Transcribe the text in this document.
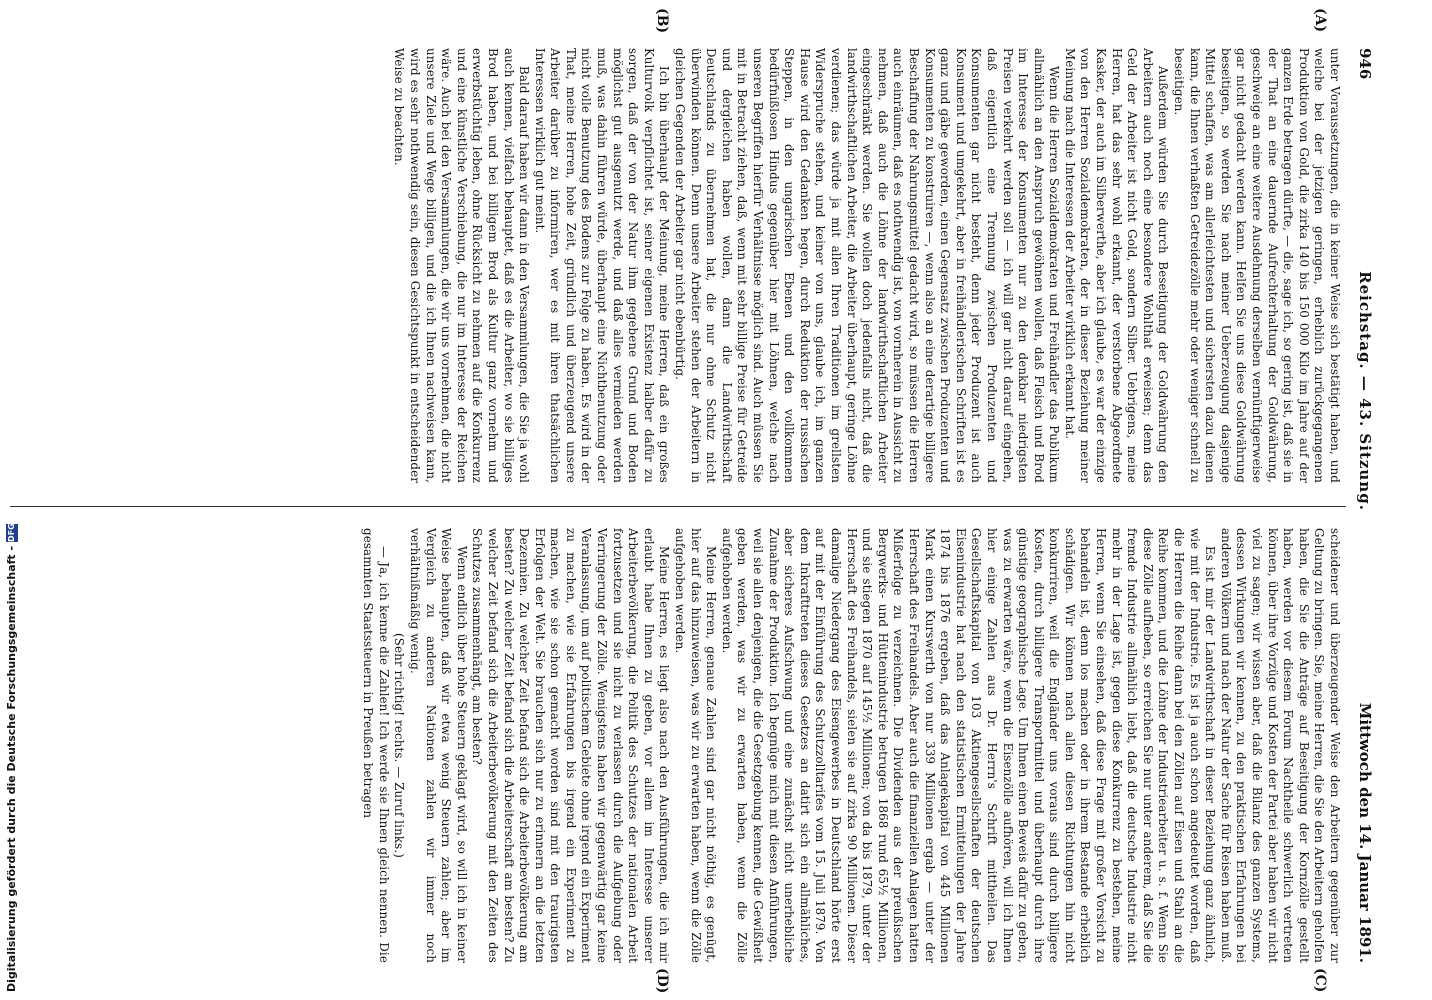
946
Reichstag. — 43. Sitzung.
Mittwoch den 14. Januar 1891.
(A)
(B)
(C)
(D)

unter Voraussetzungen, die in keiner Weise sich bestätigt haben, und welche bei der jetzigen geringen, erheblich zurückgegangenen Produktion von Gold, die zirka 140 bis 150 000 Kilo im Jahre auf der ganzen Erde betragen dürfte, — die, sage ich, so gering ist, daß sie in der That an eine dauernde Aufrechterhaltung der Goldwährung, geschweige an eine weitere Ausdehnung derselben vernünftigerweise gar nicht gedacht werden kann. Helfen Sie uns diese Goldwährung beseitigen, so werden Sie nach meiner Ueberzeugung dasjenige Mittel schaffen, was am allerleichtesten und sichersten dazu dienen kann, die Ihnen verhaßten Getreidezölle mehr oder weniger schnell zu beseitigen.

Außerdem würden Sie durch Beseitigung der Goldwährung den Arbeitern auch noch eine besondere Wohlthat erweisen; denn das Geld der Arbeiter ist nicht Gold, sondern Silber. Uebrigens, meine Herren, hat das sehr wohl erkannt, der verstorbene Abgeordnete Kasker, der auch im Silberwerthe, aber ich glaube, es war der einzige von den Herren Sozialdemokraten, der in dieser Beziehung meiner Meinung nach die Interessen der Arbeiter wirklich erkannt hat.

Wenn die Herren Sozialdemokraten und Freihändler das Publikum allmählich an den Anspruch gewöhnen wollen, daß Fleisch und Brod im Interesse der Konsumenten nur zu den denkbar niedrigsten Preisen verkehrt werden soll — ich will gar nicht darauf eingehen, daß eigentlich eine Trennung zwischen Produzenten und Konsumenten gar nicht besteht, denn jeder Produzent ist auch Konsument und umgekehrt, aber in freihändlerischen Schriften ist es ganz und gäbe geworden, einen Gegensatz zwischen Produzenten und Konsumenten zu konstruiren —, wenn also an eine derartige billigere Beschaffung der Nahrungsmittel gedacht wird, so müssen die Herren auch einräumen, daß es nothwendig ist, von vornherein in Aussicht zu nehmen, daß auch die Löhne der landwirthschaftlichen Arbeiter eingeschränkt werden. Sie wollen doch jedenfalls nicht, daß die landwirthschaftlichen Arbeiter, die Arbeiter überhaupt, geringe Löhne verdienen; das würde ja mit allen Ihren Traditionen im grellsten Widerspruche stehen, und keiner von uns, glaube ich, im ganzen Hause wird den Gedanken hegen, durch Reduktion der russischen Steppen, in den ungarischen Ebenen und den vollkommen bedürfnißlosen Hindus gegenüber hier mit Löhnen, welche nach unseren Begriffen hierfür Verhältnisse möglich sind. Auch müssen Sie mit in Betracht ziehen, daß, wenn mit sehr billige Preise für Getreide und dergleichen haben wollen, dann die Landwirthschaft Deutschlands zu übernehmen hat, die nur ohne Schutz nicht überwinden können. Denn unsere Arbeiter stehen der Arbeitern in gleichen Gegenden der Arbeiter gar nicht ebenbürtig.

Ich bin überhaupt der Meinung, meine Herren, daß ein großes Kulturvolk verpflichtet ist, seiner eigenen Existenz halber dafür zu sorgen, daß der von der Natur ihm gegebene Grund und Boden möglichst gut ausgenutzt werde, und daß alles vermieden werden muß, was dahin führen würde, überhaupt eine Nichtbenutzung oder nicht volle Benutzung des Bodens zur Folge zu haben. Es wird in der That, meine Herren, hohe Zeit, gründlich und überzeugend unsere Arbeiter darüber zu informiren, wer es mit ihren thatsächlichen Interessen wirklich gut meint.

Bald darauf haben wir dann in den Versammlungen, die Sie ja wohl auch kennen, vielfach behauptet, daß es die Arbeiter, wo sie billiges Brod haben, und bei billigem Brod als Kultur ganz vornehm und erwerbstüchtig leben, ohne Rücksicht zu nehmen auf die Konkurrenz und eine künstliche Verschiebung, die nur im Interesse der Reichen wäre. Auch bei den Versammlungen, die wir uns vornehmen, die nicht unsere Ziele und Wege billigen, und die ich Ihnen nachweisen kann, wird es sehr nothwendig sein, diesen Gesichtspunkt in entscheidender Weise zu beachten.

scheidener und überzeugender Weise den Arbeitern gegenüber zur Geltung zu bringen. Sie, meine Herren, die Sie den Arbeitern geholfen haben, die Sie die Anträge auf Beseitigung der Kornzölle gestellt haben, werden vor diesem Forum Nachtheile schwerlich vertreten können, über ihre Vorzüge und Kosten der Partei aber haben wir nicht viel zu sagen; wir wissen aber, daß die Bilanz des ganzen Systems, dessen Wirkungen wir kennen, zu den praktischen Erfahrungen bei anderen Völkern und nach der Natur der Sache für Reisen haben muß.

Es ist mir der Landwirthschaft in dieser Beziehung ganz ähnlich, wie mit der Industrie. Es ist ja auch schon angedeutet worden, daß die Herren die Reihe dann bei den Zöllen auf Eisen und Stahl an die Reihe kommen, und die Löhne der Industriearbeiter u. s. f. Wenn Sie diese Zölle aufheben, so erreichen Sie nur unter anderem, daß Sie die fremde Industrie allmählich liebt, daß die deutsche Industrie nicht mehr in der Lage ist, gegen diese Konkurrenz zu bestehen, meine Herren, wenn Sie einsehen, daß diese Frage mit großer Vorsicht zu behandeln ist, denn los machen oder in ihrem Bestande erheblich schädigen. Wir können nach allen diesen Richtungen hin nicht konkurriren, weil die Engländer uns voraus sind durch billigere Kosten, durch billigere Transportmittel und überhaupt durch ihre günstige geographische Lage. Um Ihnen einen Beweis dafür zu geben, was zu erwarten wäre, wenn die Eisenzölle aufhören, will ich Ihnen hier einige Zahlen aus Dr. Herrn's Schrift mittheilen. Das Gesellschaftskapital von 103 Aktiengesellschaften der deutschen Eisenindustrie hat nach den statistischen Ermittelungen der Jahre 1874 bis 1876 ergeben, daß das Anlagekapital von 445 Millionen Mark einen Kurswerth von nur 339 Millionen ergab — unter der Herrschaft des Freihandels. Aber auch die finanziellen Anlagen hatten Mißerfolge zu verzeichnen. Die Dividenden aus der preußischen Bergwerks- und Hüttenindustrie betrugen 1868 rund 65½ Millionen, und sie stiegen 1870 auf 145½ Millionen; von da bis 1879, unter der Herrschaft des Freihandels, sielen sie auf zirka 90 Millionen. Dieser damalige Niedergang des Eisengewerbes in Deutschland hörte erst auf mit der Einführung des Schutzzolltarifes vom 15. Juli 1879. Von dem Inkrafttreten dieses Gesetzes an datirt sich ein allmähliches, aber sicheres Aufschwung und eine zunächst nicht unerhebliche Zunahme der Produktion. Ich begnüge mich mit diesen Anführungen, weil sie allen denjenigen, die die Gesetzgebung kennen, die Gewißheit geben werden, was wir zu erwarten haben, wenn die Zölle aufgehoben werden.

Meine Herren, genaue Zahlen sind gar nicht nöthig, es genügt, hier auf das hinzuweisen, was wir zu erwarten haben, wenn die Zölle aufgehoben werden.

Meine Herren, es liegt also nach den Ausführungen, die ich mir erlaubt habe Ihnen zu geben, vor allem im Interesse unserer Arbeiterbevölkerung, die Politik des Schutzes der nationalen Arbeit fortzusetzen und sie nicht zu verlassen durch die Aufgebung oder Verringerung der Zölle. Wenigstens haben wir gegenwärtig gar keine Veranlassung, um auf politischem Gebiete ohne irgend ein Experiment zu machen, wie sie Erfahrungen bis irgend ein Experiment zu machen, wie sie schon gemacht worden sind mit den traurigsten Erfolgen der Welt. Sie brauchen sich nur zu erinnern an die letzten Dezennien. Zu welcher Zeit befand sich die Arbeiterbevölkerung am besten? Zu welcher Zeit befand sich die Arbeiterschaft am besten? Zu welcher Zeit befand sich die Arbeiterbevölkerung mit den Zeiten des Schutzes zusammenhängt, am besten?

Wenn endlich über hohe Steuern geklagt wird, so will ich in keiner Weise behaupten, daß wir etwa wenig Steuern zahlen; aber im Vergleich zu anderen Nationen zahlen wir immer noch verhältnißmäßig wenig.

(Sehr richtig! rechts. — Zuruf links.)

— Ja, ich kenne die Zahlen! Ich werde sie Ihnen gleich nennen. Die gesammten Staatssteuern in Preußen betragen

Digitalisierung gefördert durch die Deutsche Forschungsgemeinschaft -
DFG
